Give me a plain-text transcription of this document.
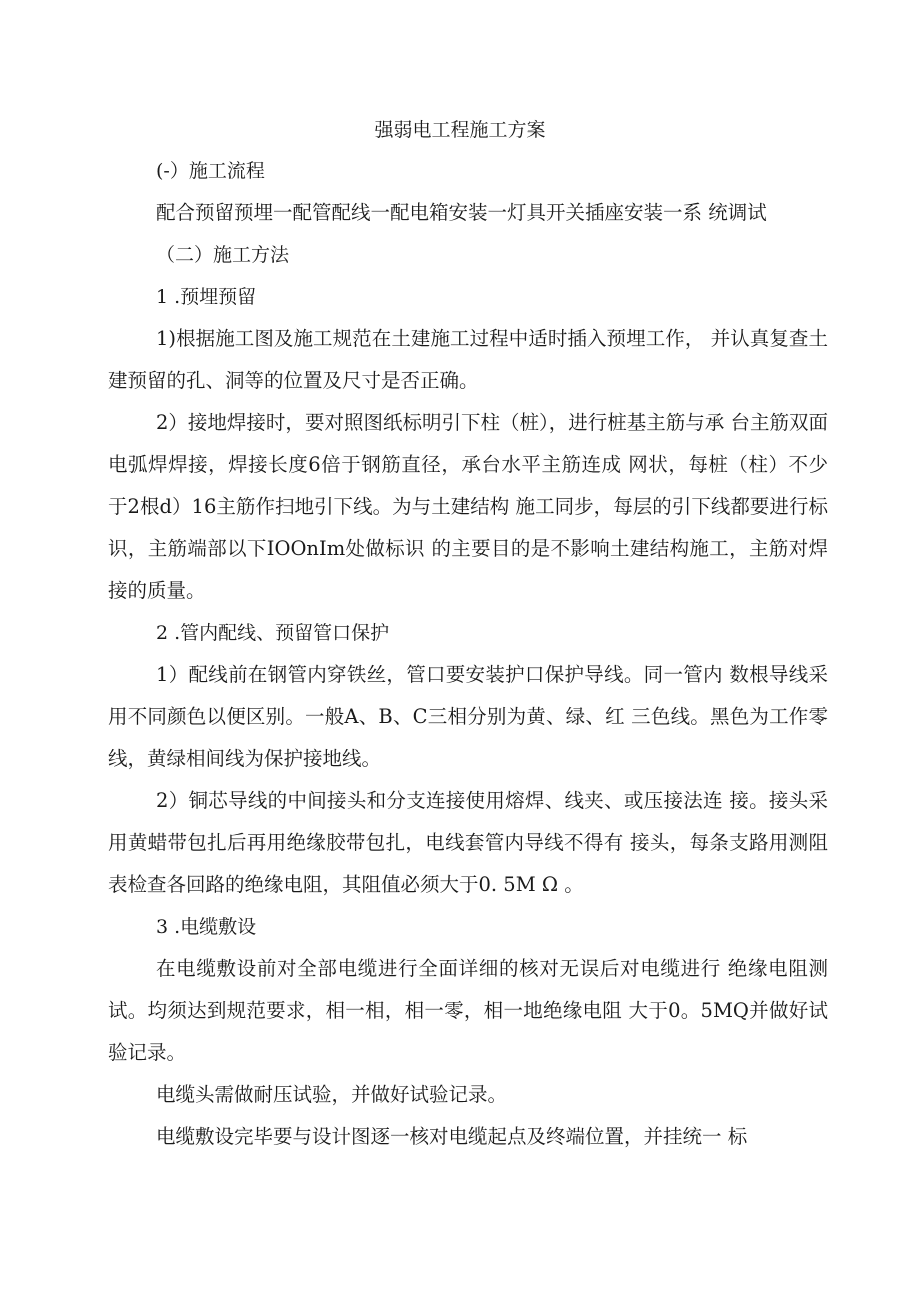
强弱电工程施工方案

(-）施工流程

配合预留预埋一配管配线一配电箱安装一灯具开关插座安装一系 统调试

（二）施工方法

1 .预埋预留

1)根据施工图及施工规范在土建施工过程中适时插入预埋工作， 并认真复查土建预留的孔、洞等的位置及尺寸是否正确。

2）接地焊接时，要对照图纸标明引下柱（桩），进行桩基主筋与承 台主筋双面电弧焊焊接，焊接长度6倍于钢筋直径，承台水平主筋连成 网状，每桩（柱）不少于2根d）16主筋作扫地引下线。为与土建结构 施工同步，每层的引下线都要进行标识，主筋端部以下IOOnIm处做标识 的主要目的是不影响土建结构施工，主筋对焊接的质量。

2 .管内配线、预留管口保护

1）配线前在钢管内穿铁丝，管口要安装护口保护导线。同一管内 数根导线采用不同颜色以便区别。一般A、B、C三相分别为黄、绿、红 三色线。黑色为工作零线，黄绿相间线为保护接地线。

2）铜芯导线的中间接头和分支连接使用熔焊、线夹、或压接法连 接。接头采用黄蜡带包扎后再用绝缘胶带包扎，电线套管内导线不得有 接头，每条支路用测阻表检查各回路的绝缘电阻，其阻值必须大于0. 5M Ω 。

3 .电缆敷设

在电缆敷设前对全部电缆进行全面详细的核对无误后对电缆进行 绝缘电阻测试。均须达到规范要求，相一相，相一零，相一地绝缘电阻 大于0。5MQ并做好试验记录。

电缆头需做耐压试验，并做好试验记录。

电缆敷设完毕要与设计图逐一核对电缆起点及终端位置，并挂统一 标
